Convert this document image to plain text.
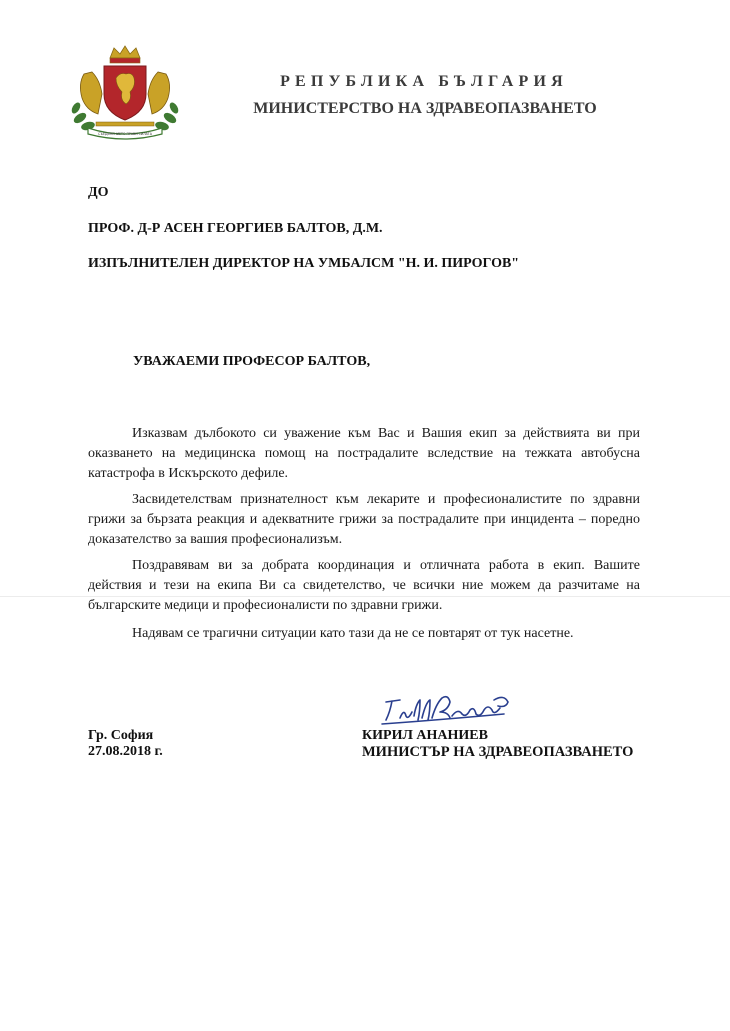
СЪЕДИНЕНИЕТО ПРАВИ СИЛАТА
РЕПУБЛИКА БЪЛГАРИЯ
МИНИСТЕРСТВО НА ЗДРАВЕОПАЗВАНЕТО
ДО
ПРОФ. Д-Р АСЕН ГЕОРГИЕВ БАЛТОВ, Д.М.
ИЗПЪЛНИТЕЛЕН ДИРЕКТОР НА УМБАЛСМ "Н. И. ПИРОГОВ"
УВАЖАЕМИ ПРОФЕСОР БАЛТОВ,

Изказвам дълбокото си уважение към Вас и Вашия екип за действията ви при оказването на медицинска помощ на пострадалите вследствие на тежката автобусна катастрофа в Искърското дефиле.

Засвидетелствам признателност към лекарите и професионалистите по здравни грижи за бързата реакция и адекватните грижи за пострадалите при инцидента – поредно доказателство за вашия професионализъм.

Поздравявам ви за добрата координация и отличната работа в екип. Вашите действия и тези на екипа Ви са свидетелство, че всички ние можем да разчитаме на българските медици и професионалисти по здравни грижи.

Надявам се трагични ситуации като тази да не се повтарят от тук насетне.

Гр. София
27.08.2018 г.
КИРИЛ АНАНИЕВ
МИНИСТЪР НА ЗДРАВЕОПАЗВАНЕТО
